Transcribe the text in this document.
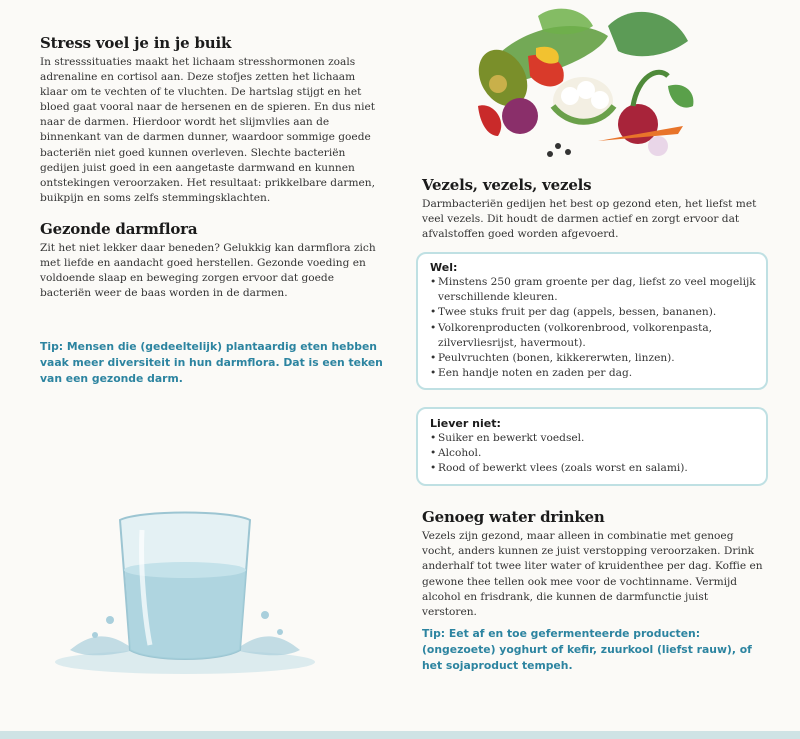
Stress voel je in je buik

In stresssituaties maakt het lichaam stresshormonen zoals adrenaline en cortisol aan. Deze stofjes zetten het lichaam klaar om te vechten of te vluchten. De hartslag stijgt en het bloed gaat vooral naar de hersenen en de spieren. En dus niet naar de darmen. Hierdoor wordt het slijmvlies aan de binnenkant van de darmen dunner, waardoor sommige goede bacteriën niet goed kunnen overleven. Slechte bacteriën gedijen juist goed in een aangetaste darmwand en kunnen ontstekingen veroorzaken. Het resultaat: prikkelbare darmen, buikpijn en soms zelfs stemmingsklachten.

Gezonde darmflora

Zit het niet lekker daar beneden? Gelukkig kan darmflora zich met liefde en aandacht goed herstellen. Gezonde voeding en voldoende slaap en beweging zorgen ervoor dat goede bacteriën weer de baas worden in de darmen.

Tip: Mensen die (gedeeltelijk) plantaardig eten hebben vaak meer diversiteit in hun darmflora. Dat is een teken van een gezonde darm.

Vezels, vezels, vezels

Darmbacteriën gedijen het best op gezond eten, het liefst met veel vezels. Dit houdt de darmen actief en zorgt ervoor dat afvalstoffen goed worden afgevoerd.

Wel:
• Minstens 250 gram groente per dag, liefst zo veel mogelijk verschillende kleuren.
• Twee stuks fruit per dag (appels, bessen, bananen).
• Volkorenproducten (volkorenbrood, volkorenpasta, zilvervliesrijst, havermout).
• Peulvruchten (bonen, kikkererwten, linzen).
• Een handje noten en zaden per dag.
Liever niet:
• Suiker en bewerkt voedsel.
• Alcohol.
• Rood of bewerkt vlees (zoals worst en salami).
Genoeg water drinken

Vezels zijn gezond, maar alleen in combinatie met genoeg vocht, anders kunnen ze juist verstopping veroorzaken. Drink anderhalf tot twee liter water of kruidenthee per dag. Koffie en gewone thee tellen ook mee voor de vochtinname. Vermijd alcohol en frisdrank, die kunnen de darmfunctie juist verstoren.

Tip: Eet af en toe gefermenteerde producten: (ongezoete) yoghurt of kefir, zuurkool (liefst rauw), of het sojaproduct tempeh.
